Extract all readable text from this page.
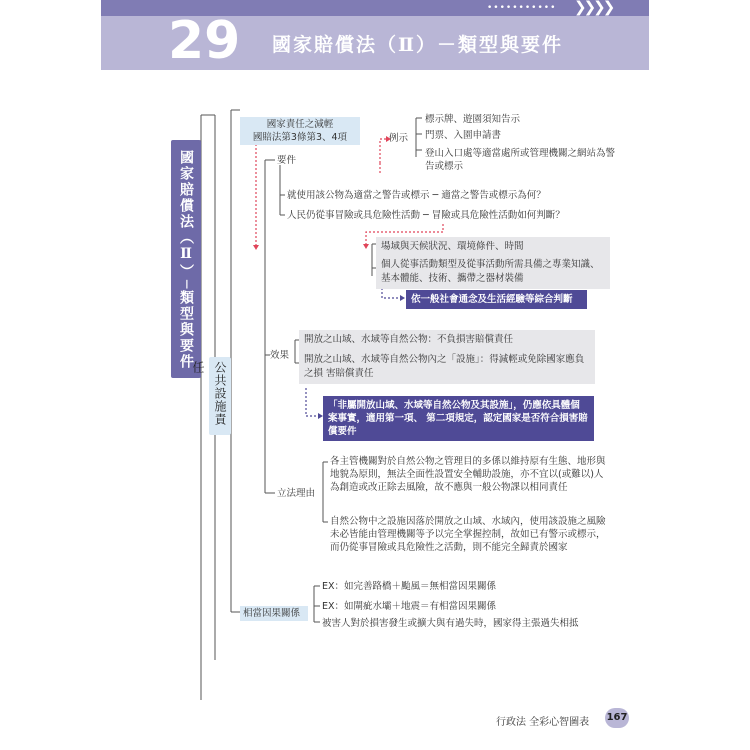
••••••••••• ❯❯❯❯
29 國家賠償法（Ⅱ）－類型與要件
國家賠償法（Ⅱ）─類型與要件
公共設施責任
國家責任之減輕
國賠法第3條第3、4項
要件
例示
標示牌、遊園須知告示
門票、入園申請書
登山入口處等適當處所或管理機關之網站為警告或標示
就使用該公物為適當之警告或標示 ─ 適當之警告或標示為何？
人民仍從事冒險或具危險性活動 ─ 冒險或具危險性活動如何判斷？
場域與天候狀況、環境條件、時間
個人從事活動類型及從事活動所需具備之專業知識、基本體能、技術、攜帶之器材裝備
依一般社會通念及生活經驗等綜合判斷
效果
開放之山域、水域等自然公物：不負損害賠償責任
開放之山域、水域等自然公物內之「設施」：得減輕或免除國家應負之損 害賠償責任
「非屬開放山域、水域等自然公物及其設施」，仍應依具體個案事實，適用第一項、 第二項規定，認定國家是否符合損害賠償要件
立法理由
各主管機關對於自然公物之管理目的多係以維持原有生態、地形與地貌為原則，無法全面性設置安全輔助設施，亦不宜以(或難以)人為創造或改正除去風險，故不應與一般公物課以相同責任
自然公物中之設施因落於開放之山域、水域內，使用該設施之風險未必皆能由管理機關等予以完全掌握控制，故如已有警示或標示，而仍從事冒險或具危險性之活動，則不能完全歸責於國家
相當因果關係
EX：如完善路橋＋颱風＝無相當因果關係
EX：如閘疵水壩＋地震＝有相當因果關係
被害人對於損害發生或擴大與有過失時，國家得主張過失相抵
行政法 全彩心智圖表 167
